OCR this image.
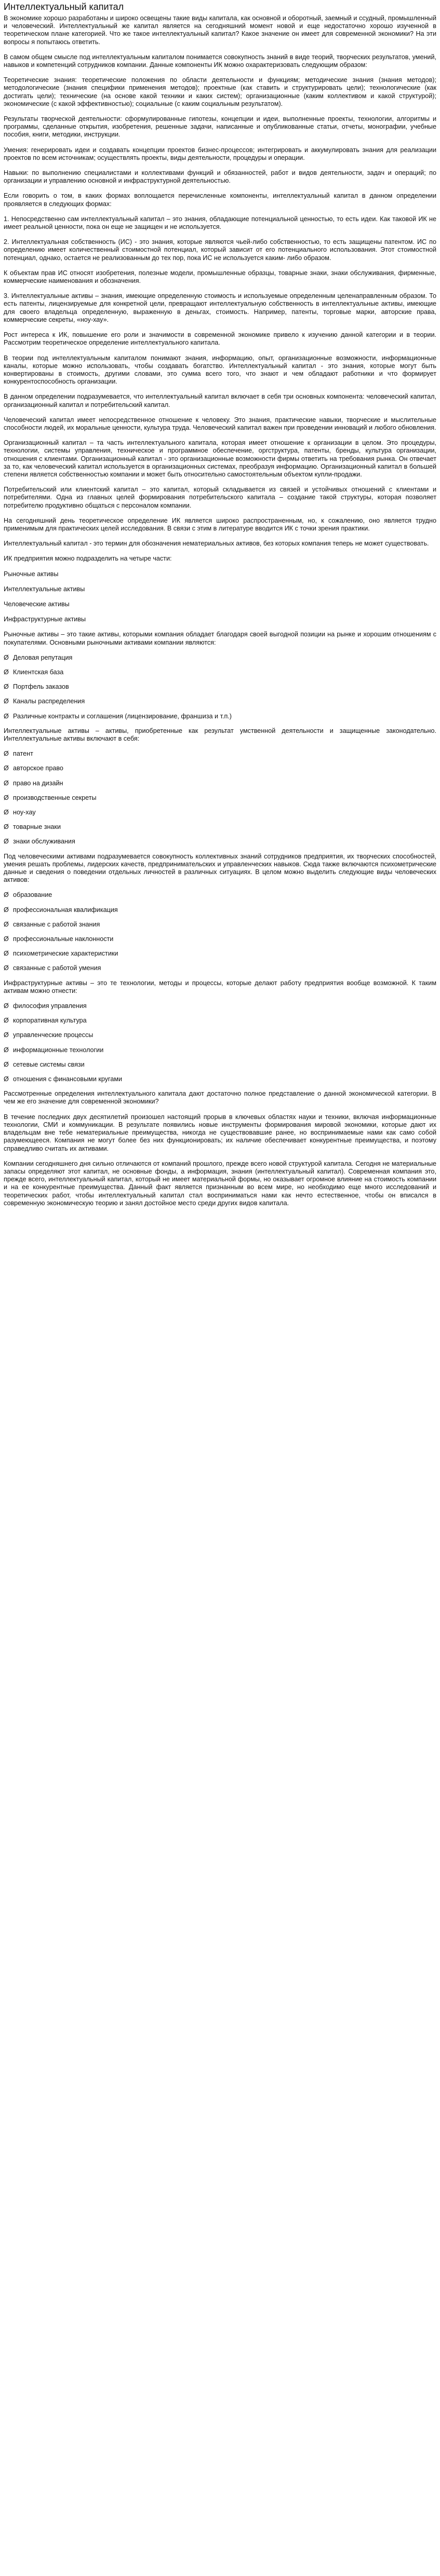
Интеллектуальный капитал

В экономике хорошо разработаны и широко освещены такие виды капитала, как основной и оборотный, заемный и ссудный, промышленный и человеческий. Интеллектуальный же капитал является на сегодняшний момент новой и еще недостаточно хорошо изученной в теоретическом плане категорией. Что же такое интеллектуальный капитал? Какое значение он имеет для современной экономики? На эти вопросы я попытаюсь ответить.

В самом общем смысле под интеллектуальным капиталом понимается совокупность знаний в виде теорий, творческих результатов, умений, навыков и компетенций сотрудников компании. Данные компоненты ИК можно охарактеризовать следующим образом:

Теоретические знания: теоретические положения по области деятельности и функциям; методические знания (знания методов); методологические (знания специфики применения методов); проектные (как ставить и структурировать цели); технологические (как достигать цели); технические (на основе какой техники и каких систем); организационные (каким коллективом и какой структурой); экономические (с какой эффективностью); социальные (с каким социальным результатом).

Результаты творческой деятельности: сформулированные гипотезы, концепции и идеи, выполненные проекты, технологии, алгоритмы и программы, сделанные открытия, изобретения, решенные задачи, написанные и опубликованные статьи, отчеты, монографии, учебные пособия, книги, методики, инструкции.

Умения: генерировать идеи и создавать концепции проектов бизнес-процессов; интегрировать и аккумулировать знания для реализации проектов по всем источникам; осуществлять проекты, виды деятельности, процедуры и операции.

Навыки: по выполнению специалистами и коллективами функций и обязанностей, работ и видов деятельности, задач и операций; по организации и управлению основной и инфраструктурной деятельностью.

Если говорить о том, в каких формах воплощается перечисленные компоненты, интеллектуальный капитал в данном определении проявляется в следующих формах:

1. Непосредственно сам интеллектуальный капитал – это знания, обладающие потенциальной ценностью, то есть идеи. Как таковой ИК не имеет реальной ценности, пока он еще не защищен и не используется.

2. Интеллектуальная собственность (ИС) - это знания, которые являются чьей-либо собственностью, то есть защищены патентом. ИС по определению имеет количественный стоимостной потенциал, который зависит от его потенциального использования. Этот стоимостной потенциал, однако, остается не реализованным до тех пор, пока ИС не используется каким- либо образом.

К объектам прав ИС относят изобретения, полезные модели, промышленные образцы, товарные знаки, знаки обслуживания, фирменные, коммерческие наименования и обозначения.

3. Интеллектуальные активы – знания, имеющие определенную стоимость и используемые определенным целенаправленным образом. То есть патенты, лицензируемые для конкретной цели, превращают интеллектуальную собственность в интеллектуальные активы, имеющие для своего владельца определенную, выраженную в деньгах, стоимость. Например, патенты, торговые марки, авторские права, коммерческие секреты, «ноу-хау».

Рост интереса к ИК, повышение его роли и значимости в современной экономике привело к изучению данной категории и в теории. Рассмотрим теоретическое определение интеллектуального капитала.

В теории под интеллектуальным капиталом понимают знания, информацию, опыт, организационные возможности, информационные каналы, которые можно использовать, чтобы создавать богатство. Интеллектуальный капитал - это знания, которые могут быть конвертированы в стоимость, другими словами, это сумма всего того, что знают и чем обладают работники и что формирует конкурентоспособность организации.

В данном определении подразумевается, что интеллектуальный капитал включает в себя три основных компонента: человеческий капитал, организационный капитал и потребительский капитал.

Человеческий капитал имеет непосредственное отношение к человеку. Это знания, практические навыки, творческие и мыслительные способности людей, их моральные ценности, культура труда. Человеческий капитал важен при проведении инноваций и любого обновления.

Организационный капитал – та часть интеллектуального капитала, которая имеет отношение к организации в целом. Это процедуры, технологии, системы управления, техническое и программное обеспечение, оргструктура, патенты, бренды, культура организации, отношения с клиентами. Организационный капитал - это организационные возможности фирмы ответить на требования рынка. Он отвечает за то, как человеческий капитал используется в организационных системах, преобразуя информацию. Организационный капитал в большей степени является собственностью компании и может быть относительно самостоятельным объектом купли-продажи.

Потребительский или клиентский капитал – это капитал, который складывается из связей и устойчивых отношений с клиентами и потребителями. Одна из главных целей формирования потребительского капитала – создание такой структуры, которая позволяет потребителю продуктивно общаться с персоналом компании.

На сегодняшний день теоретическое определение ИК является широко распространенным, но, к сожалению, оно является трудно применимым для практических целей исследования. В связи с этим в литературе вводится ИК с точки зрения практики.

Интеллектуальный капитал - это термин для обозначения нематериальных активов, без которых компания теперь не может существовать.

ИК предприятия можно подразделить на четыре части:

Рыночные активы

Интеллектуальные активы

Человеческие активы

Инфраструктурные активы

Рыночные активы – это такие активы, которыми компания обладает благодаря своей выгодной позиции на рынке и хорошим отношениям с покупателями. Основными рыночными активами компании являются:

Ø Деловая репутация

Ø Клиентская база

Ø Портфель заказов

Ø Каналы распределения

Ø Различные контракты и соглашения (лицензирование, франшиза и т.п.)

Интеллектуальные активы – активы, приобретенные как результат умственной деятельности и защищенные законодательно. Интеллектуальные активы включают в себя:

Ø патент

Ø авторское право

Ø право на дизайн

Ø производственные секреты

Ø ноу-хау

Ø товарные знаки

Ø знаки обслуживания

Под человеческими активами подразумевается совокупность коллективных знаний сотрудников предприятия, их творческих способностей, умения решать проблемы, лидерских качеств, предпринимательских и управленческих навыков. Сюда также включаются психометрические данные и сведения о поведении отдельных личностей в различных ситуациях. В целом можно выделить следующие виды человеческих активов:

Ø образование

Ø профессиональная квалификация

Ø связанные с работой знания

Ø профессиональные наклонности

Ø психометрические характеристики

Ø связанные с работой умения

Инфраструктурные активы – это те технологии, методы и процессы, которые делают работу предприятия вообще возможной. К таким активам можно отнести:

Ø философия управления

Ø корпоративная культура

Ø управленческие процессы

Ø информационные технологии

Ø сетевые системы связи

Ø отношения с финансовыми кругами

Рассмотренные определения интеллектуального капитала дают достаточно полное представление о данной экономической категории. В чем же его значение для современной экономики?

В течение последних двух десятилетий произошел настоящий прорыв в ключевых областях науки и техники, включая информационные технологии, СМИ и коммуникации. В результате появились новые инструменты формирования мировой экономики, которые дают их владельцам вне тебе нематериальные преимущества, никогда не существовавшие ранее, но воспринимаемые нами как само собой разумеющееся. Компания не могут более без них функционировать; их наличие обеспечивает конкурентные преимущества, и поэтому справедливо считать их активами.

Компании сегодняшнего дня сильно отличаются от компаний прошлого, прежде всего новой структурой капитала. Сегодня не материальные запасы определяют этот капитал, не основные фонды, а информация, знания (интеллектуальный капитал). Современная компания это, прежде всего, интеллектуальный капитал, который не имеет материальной формы, но оказывает огромное влияние на стоимость компании и на ее конкурентные преимущества. Данный факт является признанным во всем мире, но необходимо еще много исследований и теоретических работ, чтобы интеллектуальный капитал стал восприниматься нами как нечто естественное, чтобы он вписался в современную экономическую теорию и занял достойное место среди других видов капитала.
